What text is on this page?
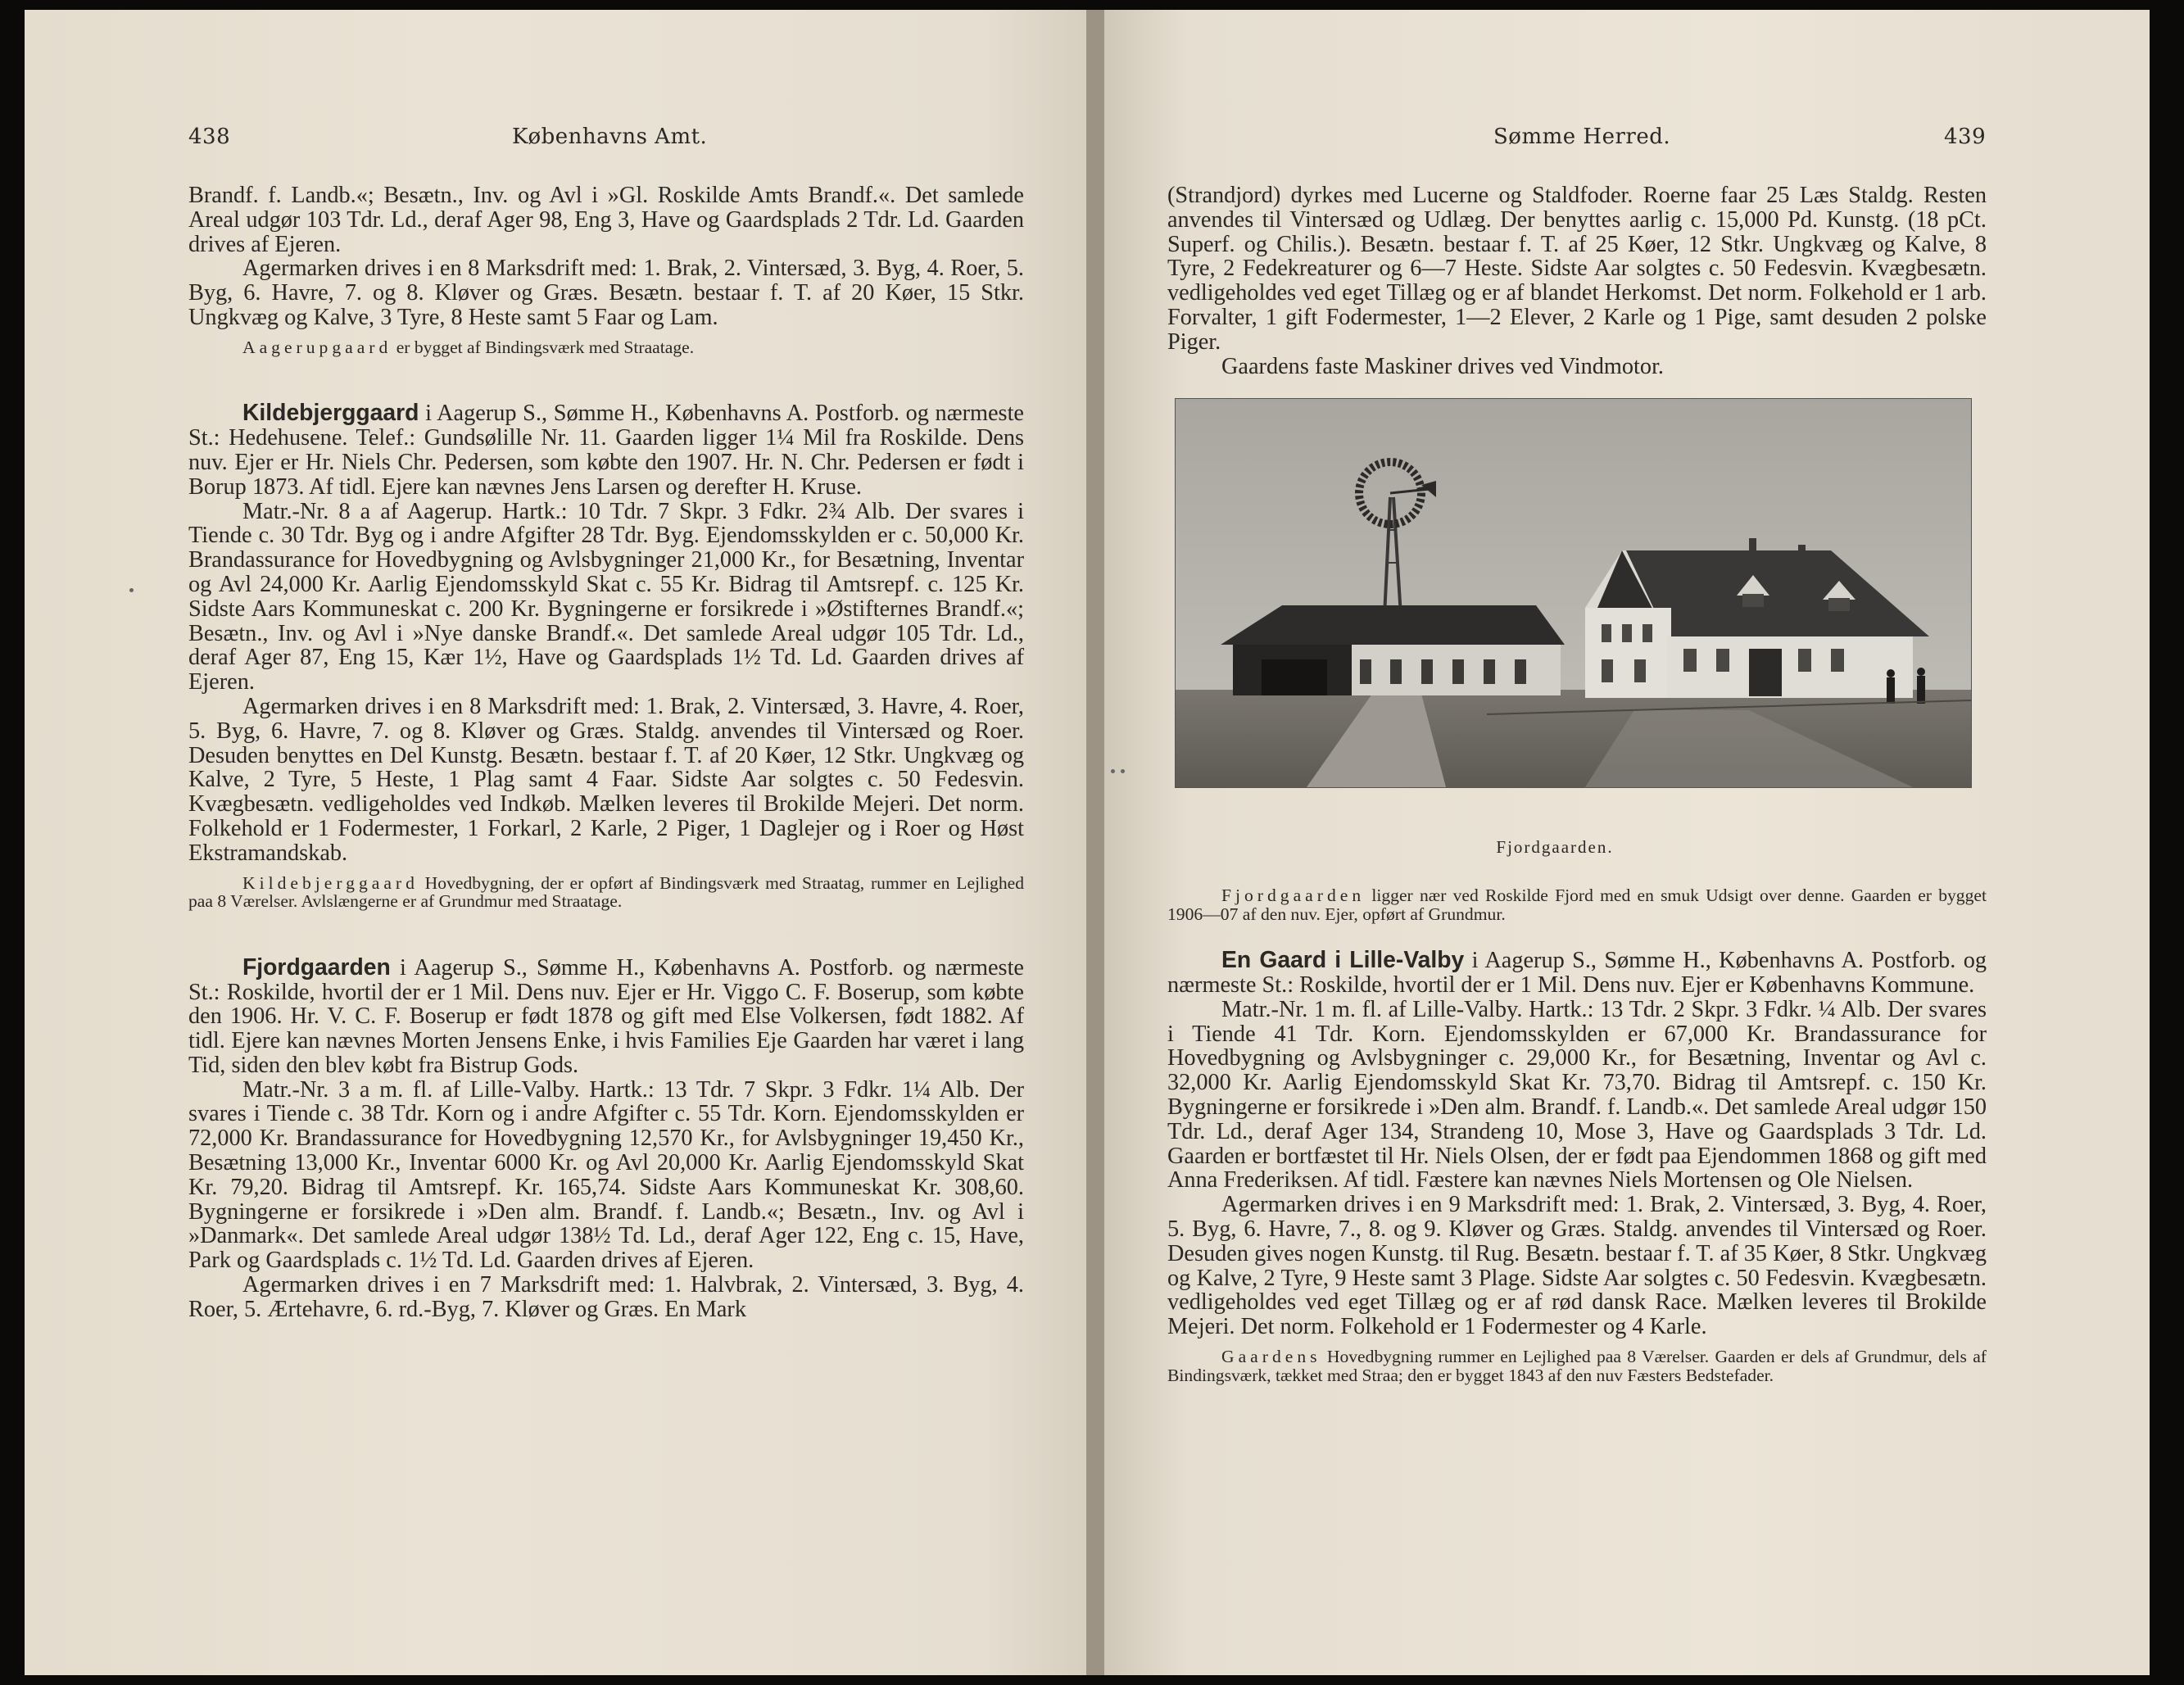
438	Københavns Amt.

Brandf. f. Landb.«; Besætn., Inv. og Avl i »Gl. Roskilde Amts Brandf.«. Det samlede Areal udgør 103 Tdr. Ld., deraf Ager 98, Eng 3, Have og Gaardsplads 2 Tdr. Ld. Gaarden drives af Ejeren.

Agermarken drives i en 8 Marksdrift med: 1. Brak, 2. Vintersæd, 3. Byg, 4. Roer, 5. Byg, 6. Havre, 7. og 8. Kløver og Græs. Besætn. bestaar f. T. af 20 Køer, 15 Stkr. Ungkvæg og Kalve, 3 Tyre, 8 Heste samt 5 Faar og Lam.

Aagerupgaard er bygget af Bindingsværk med Straatage.

Kildebjerggaard i Aagerup S., Sømme H., Københavns A. Postforb. og nærmeste St.: Hedehusene. Telef.: Gundsølille Nr. 11. Gaarden ligger 1¼ Mil fra Roskilde. Dens nuv. Ejer er Hr. Niels Chr. Pedersen, som købte den 1907. Hr. N. Chr. Pedersen er født i Borup 1873. Af tidl. Ejere kan nævnes Jens Larsen og derefter H. Kruse.

Matr.-Nr. 8 a af Aagerup. Hartk.: 10 Tdr. 7 Skpr. 3 Fdkr. 2¾ Alb. Der svares i Tiende c. 30 Tdr. Byg og i andre Afgifter 28 Tdr. Byg. Ejendomsskylden er c. 50,000 Kr. Brandassurance for Hovedbygning og Avlsbygninger 21,000 Kr., for Besætning, Inventar og Avl 24,000 Kr. Aarlig Ejendomsskyld Skat c. 55 Kr. Bidrag til Amtsrepf. c. 125 Kr. Sidste Aars Kommuneskat c. 200 Kr. Bygningerne er forsikrede i »Østifternes Brandf.«; Besætn., Inv. og Avl i »Nye danske Brandf.«. Det samlede Areal udgør 105 Tdr. Ld., deraf Ager 87, Eng 15, Kær 1½, Have og Gaardsplads 1½ Td. Ld. Gaarden drives af Ejeren.

Agermarken drives i en 8 Marksdrift med: 1. Brak, 2. Vintersæd, 3. Havre, 4. Roer, 5. Byg, 6. Havre, 7. og 8. Kløver og Græs. Staldg. anvendes til Vintersæd og Roer. Desuden benyttes en Del Kunstg. Besætn. bestaar f. T. af 20 Køer, 12 Stkr. Ungkvæg og Kalve, 2 Tyre, 5 Heste, 1 Plag samt 4 Faar. Sidste Aar solgtes c. 50 Fedesvin. Kvægbesætn. vedligeholdes ved Indkøb. Mælken leveres til Brokilde Mejeri. Det norm. Folkehold er 1 Fodermester, 1 Forkarl, 2 Karle, 2 Piger, 1 Daglejer og i Roer og Høst Ekstramandskab.

Kildebjerggaard Hovedbygning, der er opført af Bindingsværk med Straatag, rummer en Lejlighed paa 8 Værelser. Avlslængerne er af Grundmur med Straatage.

Fjordgaarden i Aagerup S., Sømme H., Københavns A. Postforb. og nærmeste St.: Roskilde, hvortil der er 1 Mil. Dens nuv. Ejer er Hr. Viggo C. F. Boserup, som købte den 1906. Hr. V. C. F. Boserup er født 1878 og gift med Else Volkersen, født 1882. Af tidl. Ejere kan nævnes Morten Jensens Enke, i hvis Families Eje Gaarden har været i lang Tid, siden den blev købt fra Bistrup Gods.

Matr.-Nr. 3 a m. fl. af Lille-Valby. Hartk.: 13 Tdr. 7 Skpr. 3 Fdkr. 1¼ Alb. Der svares i Tiende c. 38 Tdr. Korn og i andre Afgifter c. 55 Tdr. Korn. Ejendomsskylden er 72,000 Kr. Brandassurance for Hovedbygning 12,570 Kr., for Avlsbygninger 19,450 Kr., Besætning 13,000 Kr., Inventar 6000 Kr. og Avl 20,000 Kr. Aarlig Ejendomsskyld Skat Kr. 79,20. Bidrag til Amtsrepf. Kr. 165,74. Sidste Aars Kommuneskat Kr. 308,60. Bygningerne er forsikrede i »Den alm. Brandf. f. Landb.«; Besætn., Inv. og Avl i »Danmark«. Det samlede Areal udgør 138½ Td. Ld., deraf Ager 122, Eng c. 15, Have, Park og Gaardsplads c. 1½ Td. Ld. Gaarden drives af Ejeren.

Agermarken drives i en 7 Marksdrift med: 1. Halvbrak, 2. Vintersæd, 3. Byg, 4. Roer, 5. Ærtehavre, 6. rd.-Byg, 7. Kløver og Græs. En Mark

Sømme Herred.	439

(Strandjord) dyrkes med Lucerne og Staldfoder. Roerne faar 25 Læs Staldg. Resten anvendes til Vintersæd og Udlæg. Der benyttes aarlig c. 15,000 Pd. Kunstg. (18 pCt. Superf. og Chilis.). Besætn. bestaar f. T. af 25 Køer, 12 Stkr. Ungkvæg og Kalve, 8 Tyre, 2 Fedekreaturer og 6—7 Heste. Sidste Aar solgtes c. 50 Fedesvin. Kvægbesætn. vedligeholdes ved eget Tillæg og er af blandet Herkomst. Det norm. Folkehold er 1 arb. Forvalter, 1 gift Fodermester, 1—2 Elever, 2 Karle og 1 Pige, samt desuden 2 polske Piger.

Gaardens faste Maskiner drives ved Vindmotor.

Fjordgaarden.

Fjordgaarden ligger nær ved Roskilde Fjord med en smuk Udsigt over denne. Gaarden er bygget 1906—07 af den nuv. Ejer, opført af Grundmur.

En Gaard i Lille-Valby i Aagerup S., Sømme H., Københavns A. Postforb. og nærmeste St.: Roskilde, hvortil der er 1 Mil. Dens nuv. Ejer er Københavns Kommune.

Matr.-Nr. 1 m. fl. af Lille-Valby. Hartk.: 13 Tdr. 2 Skpr. 3 Fdkr. ¼ Alb. Der svares i Tiende 41 Tdr. Korn. Ejendomsskylden er 67,000 Kr. Brandassurance for Hovedbygning og Avlsbygninger c. 29,000 Kr., for Besætning, Inventar og Avl c. 32,000 Kr. Aarlig Ejendomsskyld Skat Kr. 73,70. Bidrag til Amtsrepf. c. 150 Kr. Bygningerne er forsikrede i »Den alm. Brandf. f. Landb.«. Det samlede Areal udgør 150 Tdr. Ld., deraf Ager 134, Strandeng 10, Mose 3, Have og Gaardsplads 3 Tdr. Ld. Gaarden er bortfæstet til Hr. Niels Olsen, der er født paa Ejendommen 1868 og gift med Anna Frederiksen. Af tidl. Fæstere kan nævnes Niels Mortensen og Ole Nielsen.

Agermarken drives i en 9 Marksdrift med: 1. Brak, 2. Vintersæd, 3. Byg, 4. Roer, 5. Byg, 6. Havre, 7., 8. og 9. Kløver og Græs. Staldg. anvendes til Vintersæd og Roer. Desuden gives nogen Kunstg. til Rug. Besætn. bestaar f. T. af 35 Køer, 8 Stkr. Ungkvæg og Kalve, 2 Tyre, 9 Heste samt 3 Plage. Sidste Aar solgtes c. 50 Fedesvin. Kvægbesætn. vedligeholdes ved eget Tillæg og er af rød dansk Race. Mælken leveres til Brokilde Mejeri. Det norm. Folkehold er 1 Fodermester og 4 Karle.

Gaardens Hovedbygning rummer en Lejlighed paa 8 Værelser. Gaarden er dels af Grundmur, dels af Bindingsværk, tækket med Straa; den er bygget 1843 af den nuv Fæsters Bedstefader.
